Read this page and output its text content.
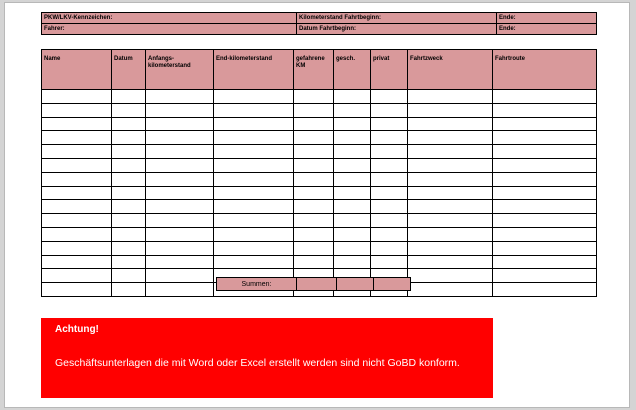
PKW/LKV-Kennzeichen:	Kilometerstand Fahrtbeginn:	Ende:
Fahrer:	Datum Fahrtbeginn:	Ende:
Name	Datum	Anfangs-kilometerstand	End-kilometerstand	gefahrene KM	gesch.	privat	Fahrtzweck	Fahrtroute

Summen:			
Achtung!
Geschäftsunterlagen die mit Word oder Excel erstellt werden sind nicht GoBD konform.
